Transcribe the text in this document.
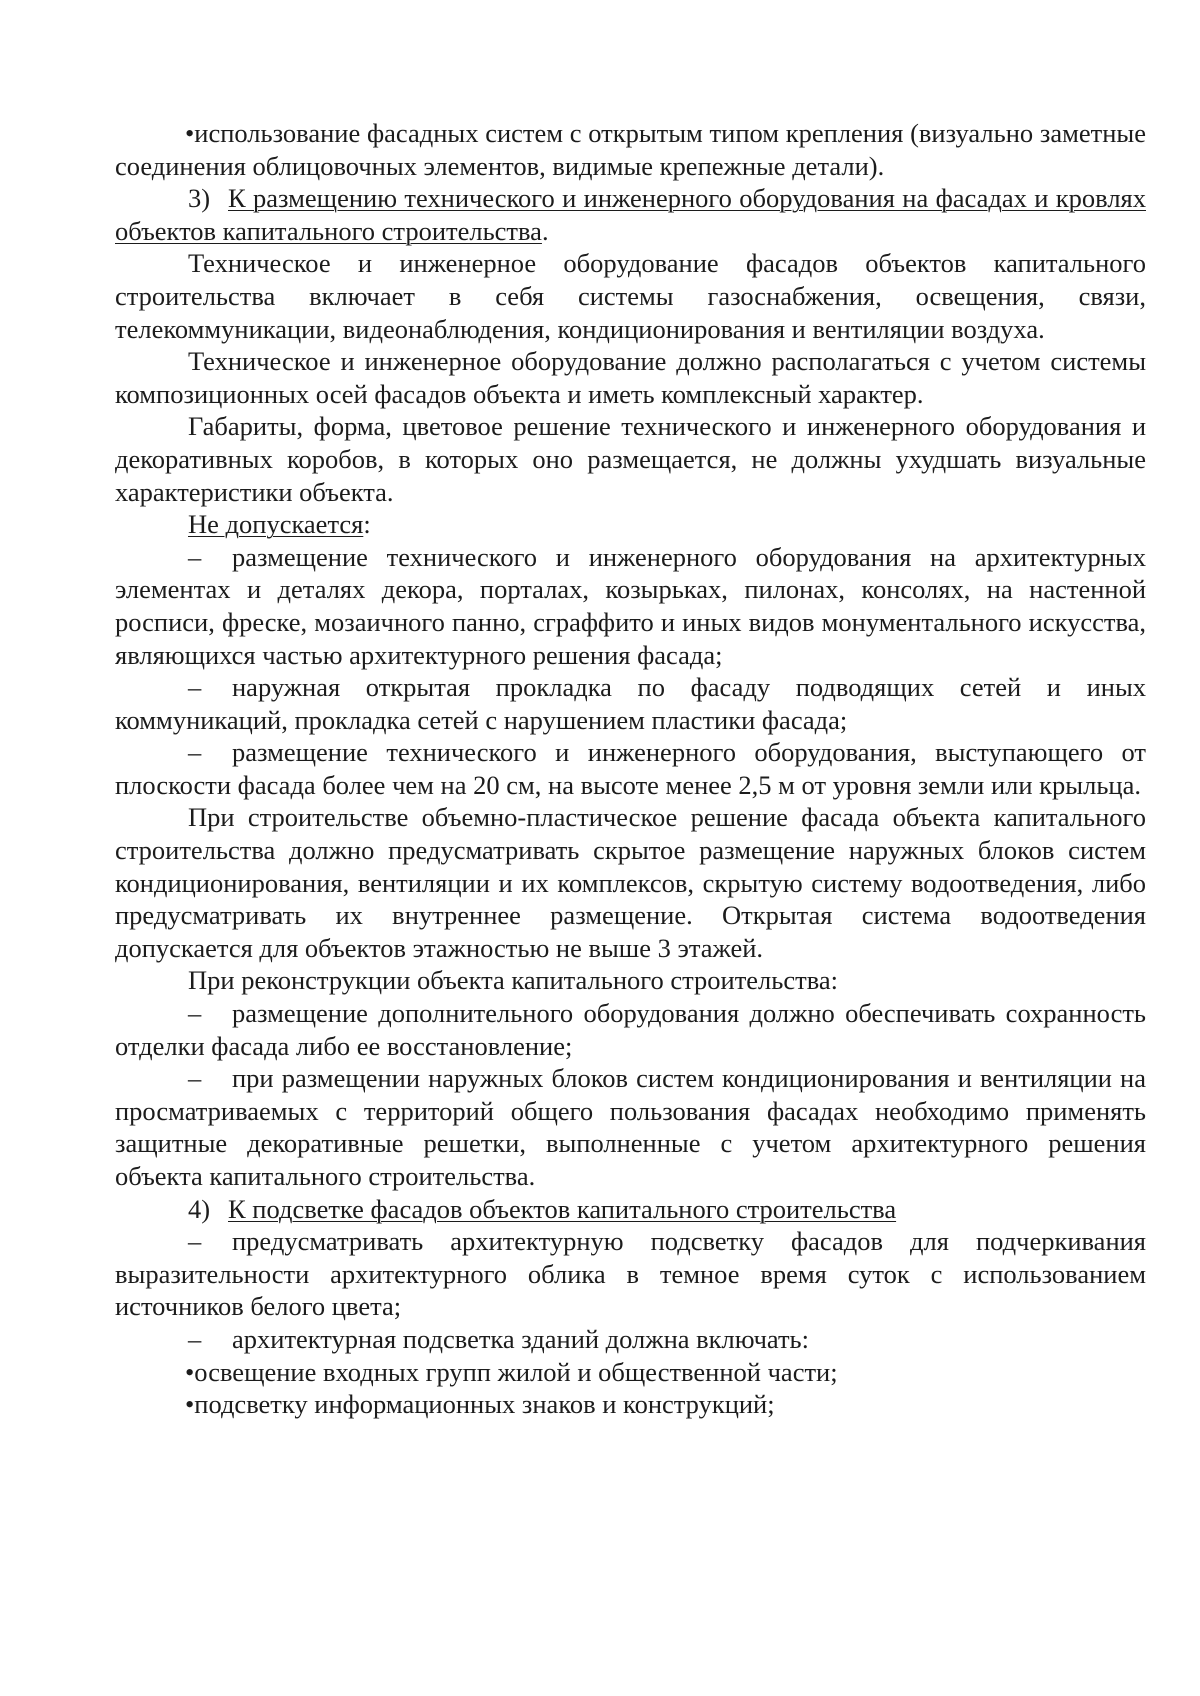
•использование фасадных систем с открытым типом крепления (визуально заметные соединения облицовочных элементов, видимые крепежные детали).

3) К размещению технического и инженерного оборудования на фасадах и кровлях объектов капитального строительства.

Техническое и инженерное оборудование фасадов объектов капитального строительства включает в себя системы газоснабжения, освещения, связи, телекоммуникации, видеонаблюдения, кондиционирования и вентиляции воздуха.

Техническое и инженерное оборудование должно располагаться с учетом системы композиционных осей фасадов объекта и иметь комплексный характер.

Габариты, форма, цветовое решение технического и инженерного оборудования и декоративных коробов, в которых оно размещается, не должны ухудшать визуальные характеристики объекта.

Не допускается:

– размещение технического и инженерного оборудования на архитектурных элементах и деталях декора, порталах, козырьках, пилонах, консолях, на настенной росписи, фреске, мозаичного панно, сграффито и иных видов монументального искусства, являющихся частью архитектурного решения фасада;

– наружная открытая прокладка по фасаду подводящих сетей и иных коммуникаций, прокладка сетей с нарушением пластики фасада;

– размещение технического и инженерного оборудования, выступающего от плоскости фасада более чем на 20 см, на высоте менее 2,5 м от уровня земли или крыльца.

При строительстве объемно-пластическое решение фасада объекта капитального строительства должно предусматривать скрытое размещение наружных блоков систем кондиционирования, вентиляции и их комплексов, скрытую систему водоотведения, либо предусматривать их внутреннее размещение. Открытая система водоотведения допускается для объектов этажностью не выше 3 этажей.

При реконструкции объекта капитального строительства:

– размещение дополнительного оборудования должно обеспечивать сохранность отделки фасада либо ее восстановление;

– при размещении наружных блоков систем кондиционирования и вентиляции на просматриваемых с территорий общего пользования фасадах необходимо применять защитные декоративные решетки, выполненные с учетом архитектурного решения объекта капитального строительства.

4) К подсветке фасадов объектов капитального строительства

– предусматривать архитектурную подсветку фасадов для подчеркивания выразительности архитектурного облика в темное время суток с использованием источников белого цвета;

– архитектурная подсветка зданий должна включать:

•освещение входных групп жилой и общественной части;

•подсветку информационных знаков и конструкций;
